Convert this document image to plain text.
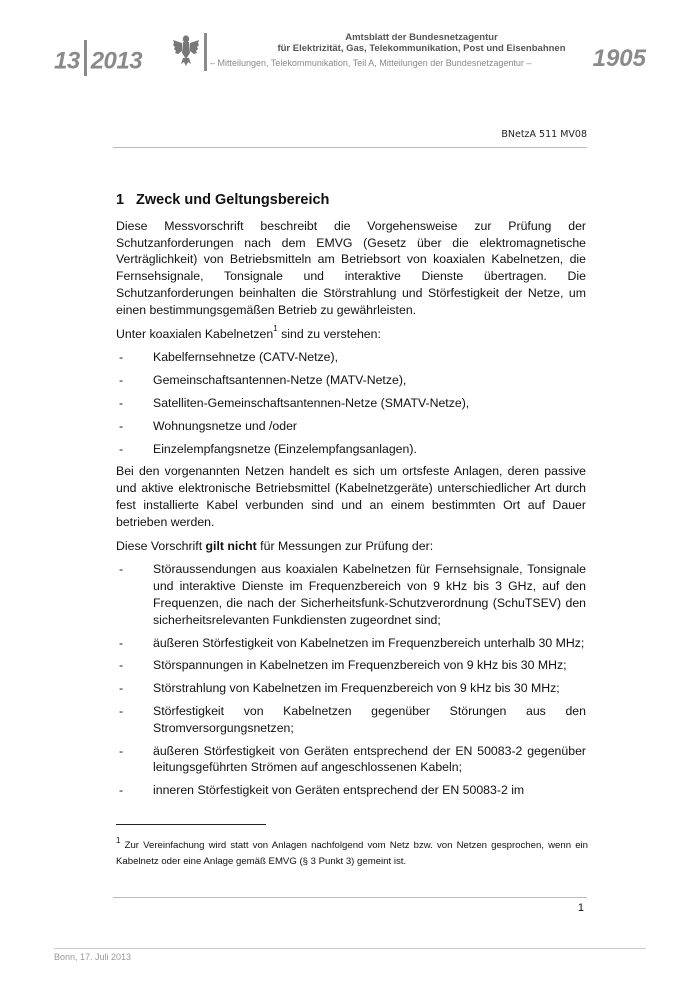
13 2013
Amtsblatt der Bundesnetzagentur
für Elektrizität, Gas, Telekommunikation, Post und Eisenbahnen
– Mitteilungen, Telekommunikation, Teil A, Mitteilungen der Bundesnetzagentur –	1905
BNetzA 511 MV08
1 Zweck und Geltungsbereich

Diese Messvorschrift beschreibt die Vorgehensweise zur Prüfung der Schutzanforderungen nach dem EMVG (Gesetz über die elektromagnetische Verträglichkeit) von Betriebsmitteln am Betriebsort von koaxialen Kabelnetzen, die Fernsehsignale, Tonsignale und interaktive Dienste übertragen. Die Schutzanforderungen beinhalten die Störstrahlung und Störfestigkeit der Netze, um einen bestimmungsgemäßen Betrieb zu gewährleisten.

Unter koaxialen Kabelnetzen$^1$ sind zu verstehen:

- Kabelfernsehnetze (CATV-Netze),
- Gemeinschaftsantennen-Netze (MATV-Netze),
- Satelliten-Gemeinschaftsantennen-Netze (SMATV-Netze),
- Wohnungsnetze und /oder
- Einzelempfangsnetze (Einzelempfangsanlagen).

Bei den vorgenannten Netzen handelt es sich um ortsfeste Anlagen, deren passive und aktive elektronische Betriebsmittel (Kabelnetzgeräte) unterschiedlicher Art durch fest installierte Kabel verbunden sind und an einem bestimmten Ort auf Dauer betrieben werden.

Diese Vorschrift gilt nicht für Messungen zur Prüfung der:

- Störaussendungen aus koaxialen Kabelnetzen für Fernsehsignale, Tonsignale und interaktive Dienste im Frequenzbereich von 9 kHz bis 3 GHz, auf den Frequenzen, die nach der Sicherheitsfunk-Schutzverordnung (SchuTSEV) den sicherheitsrelevanten Funkdiensten zugeordnet sind;
- äußeren Störfestigkeit von Kabelnetzen im Frequenzbereich unterhalb 30 MHz;
- Störspannungen in Kabelnetzen im Frequenzbereich von 9 kHz bis 30 MHz;
- Störstrahlung von Kabelnetzen im Frequenzbereich von 9 kHz bis 30 MHz;
- Störfestigkeit von Kabelnetzen gegenüber Störungen aus den Stromversorgungsnetzen;
- äußeren Störfestigkeit von Geräten entsprechend der EN 50083-2 gegenüber leitungsgeführten Strömen auf angeschlossenen Kabeln;
- inneren Störfestigkeit von Geräten entsprechend der EN 50083-2 im
$^1$ Zur Vereinfachung wird statt von Anlagen nachfolgend vom Netz bzw. von Netzen gesprochen, wenn ein Kabelnetz oder eine Anlage gemäß EMVG (§ 3 Punkt 3) gemeint ist.
1
Bonn, 17. Juli 2013
